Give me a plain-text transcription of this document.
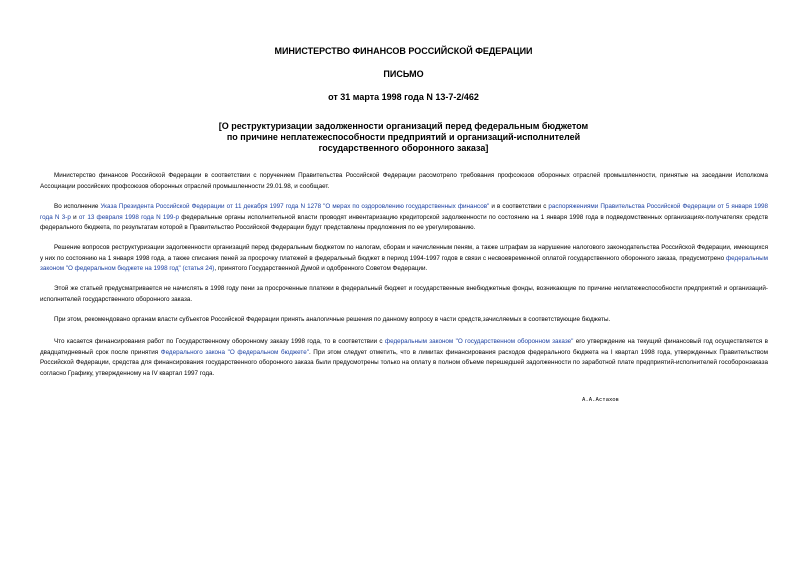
МИНИСТЕРСТВО ФИНАНСОВ РОССИЙСКОЙ ФЕДЕРАЦИИ
ПИСЬМО
от 31 марта 1998 года N 13-7-2/462
[О реструктуризации задолженности организаций перед федеральным бюджетом
по причине неплатежеспособности предприятий и организаций-исполнителей
государственного оборонного заказа]
Министерство финансов Российской Федерации в соответствии с поручением Правительства Российской Федерации рассмотрело требования профсоюзов оборонных отраслей промышленности, принятые на заседании Исполкома Ассоциации российских профсоюзов оборонных отраслей промышленности 29.01.98, и сообщает.
Во исполнение Указа Президента Российской Федерации от 11 декабря 1997 года N 1278 "О мерах по оздоровлению государственных финансов" и в соответствии с распоряжениями Правительства Российской Федерации от 5 января 1998 года N 3-р и от 13 февраля 1998 года N 199-р федеральные органы исполнительной власти проводят инвентаризацию кредиторской задолженности по состоянию на 1 января 1998 года в подведомственных организациях-получателях средств федерального бюджета, по результатам которой в Правительство Российской Федерации будут представлены предложения по ее урегулированию.
Решение вопросов реструктуризации задолженности организаций перед федеральным бюджетом по налогам, сборам и начисленным пеням, а также штрафам за нарушение налогового законодательства Российской Федерации, имеющихся у них по состоянию на 1 января 1998 года, а также списания пеней за просрочку платежей в федеральный бюджет в период 1994-1997 годов в связи с несвоевременной оплатой государственного оборонного заказа, предусмотрено федеральным законом "О федеральном бюджете на 1998 год" (статья 24), принятого Государственной Думой и одобренного Советом Федерации.
Этой же статьей предусматривается не начислять в 1998 году пени за просроченные платежи в федеральный бюджет и государственные внебюджетные фонды, возникающие по причине неплатежеспособности предприятий и организаций-исполнителей государственного оборонного заказа.
При этом, рекомендовано органам власти субъектов Российской Федерации принять аналогичные решения по данному вопросу в части средств,зачисляемых в соответствующие бюджеты.
Что касается финансирования работ по Государственному оборонному заказу 1998 года, то в соответствии с федеральным законом "О государственном оборонном заказе" его утверждение на текущий финансовый год осуществляется в двадцатидневный срок после принятия Федерального закона "О федеральном бюджете". При этом следует отметить, что в лимитах финансирования расходов федерального бюджета на I квартал 1998 года, утвержденных Правительством Российской Федерации, средства для финансирования государственного оборонного заказа были предусмотрены только на оплату в полном объеме перешедшей задолженности по заработной плате предприятий-исполнителей гособоронзаказа согласно Графику, утвержденному на IV квартал 1997 года.
А.А.Астахов
